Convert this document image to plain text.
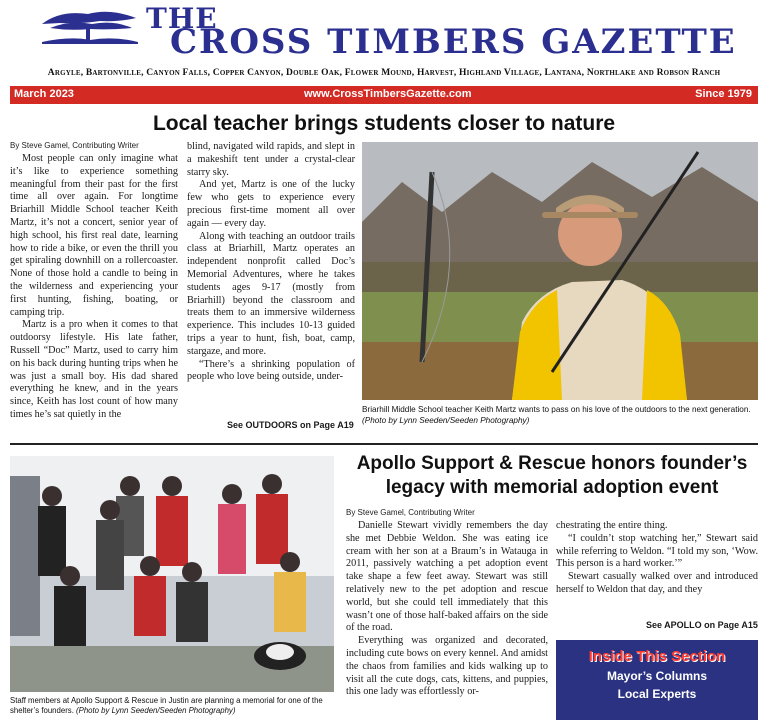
THE
CROSS TIMBERS GAZETTE
Argyle, Bartonville, Canyon Falls, Copper Canyon, Double Oak, Flower Mound, Harvest, Highland Village, Lantana, Northlake and Robson Ranch
March 2023	www.CrossTimbersGazette.com	Since 1979
Local teacher brings students closer to nature
By Steve Gamel, Contributing Writer

Most people can only imagine what it’s like to experience something meaningful from their past for the first time all over again. For longtime Briarhill Middle School teacher Keith Martz, it’s not a concert, senior year of high school, his first real date, learning how to ride a bike, or even the thrill you get spiraling downhill on a rollercoaster. None of those hold a candle to being in the wilderness and experiencing your first hunting, fishing, boating, or camping trip.

Martz is a pro when it comes to that outdoorsy lifestyle. His late father, Russell “Doc” Martz, used to carry him on his back during hunting trips when he was just a small boy. His dad shared everything he knew, and in the years since, Keith has lost count of how many times he’s sat quietly in the

blind, navigated wild rapids, and slept in a makeshift tent under a crystal-clear starry sky.

And yet, Martz is one of the lucky few who gets to experience every precious first-time moment all over again — every day.

Along with teaching an outdoor trails class at Briarhill, Martz operates an independent nonprofit called Doc’s Memorial Adventures, where he takes students ages 9-17 (mostly from Briarhill) beyond the classroom and treats them to an immersive wilderness experience. This includes 10-13 guided trips a year to hunt, fish, boat, camp, stargaze, and more.

“There’s a shrinking population of people who love being outside, under-

See OUTDOORS on Page A19
Briarhill Middle School teacher Keith Martz wants to pass on his love of the outdoors to the next generation.
(Photo by Lynn Seeden/Seeden Photography)
Staff members at Apollo Support & Rescue in Justin are planning a memorial for one of the shelter’s founders. (Photo by Lynn Seeden/Seeden Photography)
Apollo Support & Rescue honors founder’s legacy with memorial adoption event
By Steve Gamel, Contributing Writer

Danielle Stewart vividly remembers the day she met Debbie Weldon. She was eating ice cream with her son at a Braum’s in Watauga in 2011, passively watching a pet adoption event take shape a few feet away. Stewart was still relatively new to the pet adoption and rescue world, but she could tell immediately that this wasn’t one of those half-baked affairs on the side of the road.

Everything was organized and decorated, including cute bows on every kennel. And amidst the chaos from families and kids walking up to visit all the cute dogs, cats, kittens, and puppies, this one lady was effortlessly or-

chestrating the entire thing.

“I couldn’t stop watching her,” Stewart said while referring to Weldon. “I told my son, ‘Wow. This person is a hard worker.’”

Stewart casually walked over and introduced herself to Weldon that day, and they

See APOLLO on Page A15
Inside This Section
Mayor’s Columns
Local Experts
